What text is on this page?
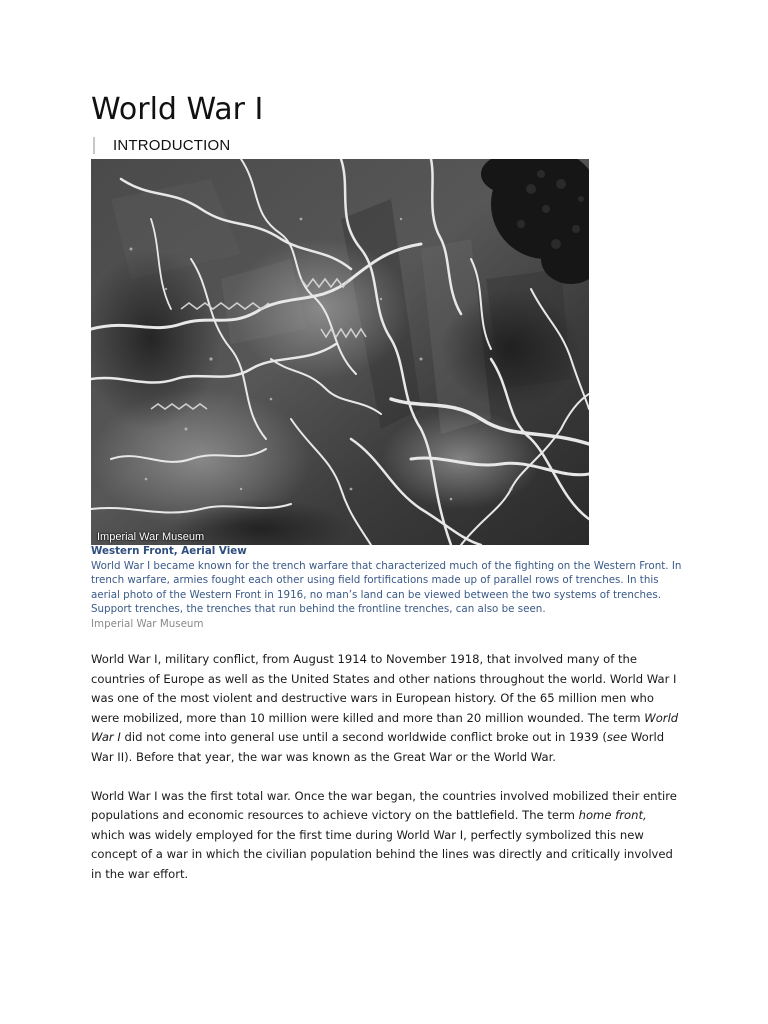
World War I
INTRODUCTION
Imperial War Museum

Western Front, Aerial View

World War I became known for the trench warfare that characterized much of the fighting on the Western Front. In trench warfare, armies fought each other using field fortifications made up of parallel rows of trenches. In this aerial photo of the Western Front in 1916, no man’s land can be viewed between the two systems of trenches. Support trenches, the trenches that run behind the frontline trenches, can also be seen.

Imperial War Museum

World War I, military conflict, from August 1914 to November 1918, that involved many of the countries of Europe as well as the United States and other nations throughout the world. World War I was one of the most violent and destructive wars in European history. Of the 65 million men who were mobilized, more than 10 million were killed and more than 20 million wounded. The term World War I did not come into general use until a second worldwide conflict broke out in 1939 (see World War II). Before that year, the war was known as the Great War or the World War.

World War I was the first total war. Once the war began, the countries involved mobilized their entire populations and economic resources to achieve victory on the battlefield. The term home front, which was widely employed for the first time during World War I, perfectly symbolized this new concept of a war in which the civilian population behind the lines was directly and critically involved in the war effort.
